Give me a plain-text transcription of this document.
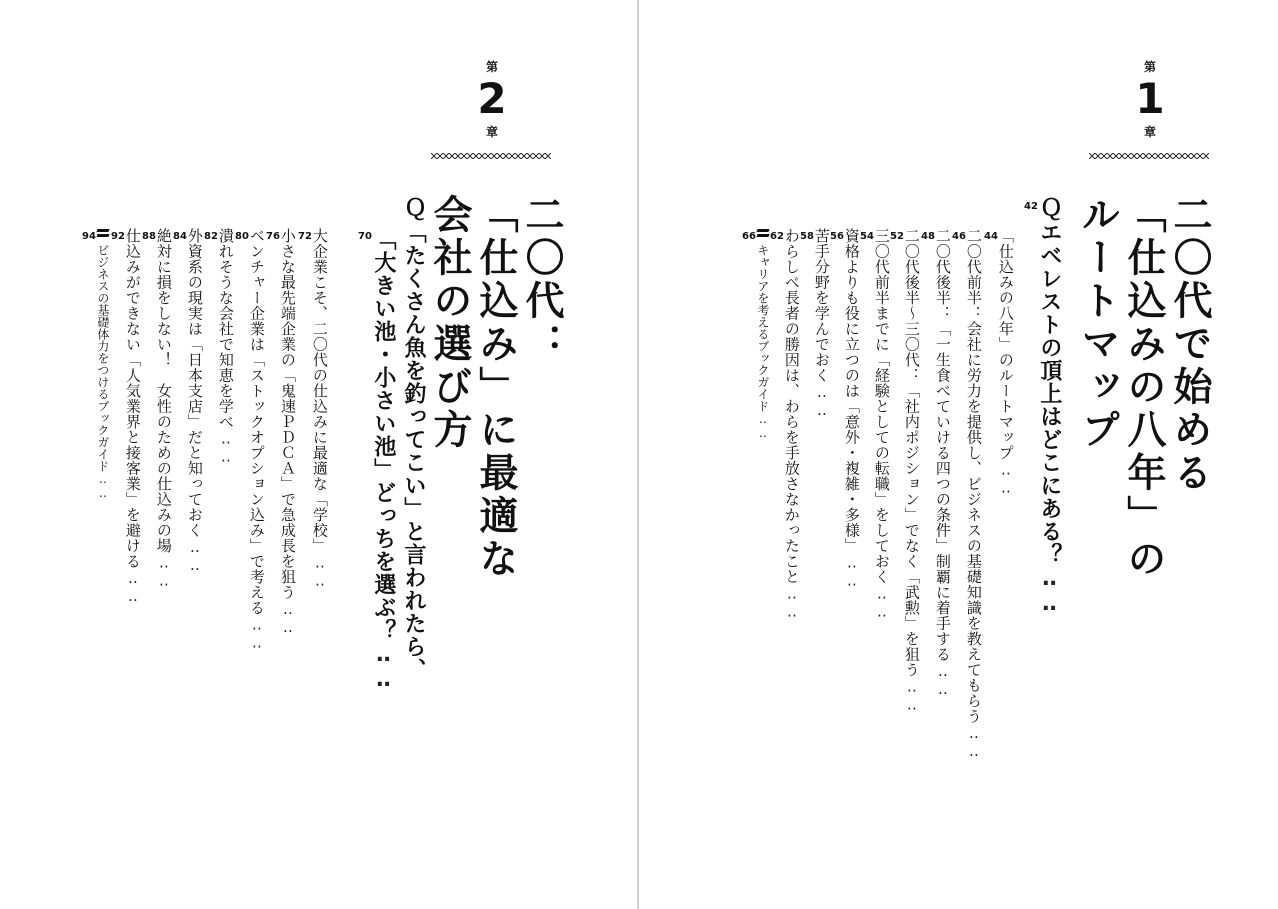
第
2
章
二〇代：
「仕込み」に最適な
会社の選び方
Ｑ「たくさん魚を釣ってこい」と言われたら、
「大きい池・小さい池」どっちを選ぶ？‥‥
70
大企業こそ、二〇代の仕込みに最適な「学校」‥‥
72
小さな最先端企業の「鬼速ＰＤＣＡ」で急成長を狙う‥‥
76
ベンチャー企業は「ストックオプション込み」で考える‥‥
80
潰れそうな会社で知恵を学べ‥‥
82
外資系の現実は「日本支店」だと知っておく‥‥
84
絶対に損をしない！　女性のための仕込みの場‥‥
88
仕込みができない「人気業界と接客業」を避ける‥‥
92
ビジネスの基礎体力をつけるブックガイド‥‥
94
第
1
章
二〇代で始める
「仕込みの八年」の
ルートマップ
Ｑエベレストの頂上はどこにある？‥‥
42
「仕込みの八年」のルートマップ‥‥
44
二〇代前半：会社に労力を提供し、ビジネスの基礎知識を教えてもらう‥‥
46
二〇代後半：「一生食べていける四つの条件」制覇に着手する‥‥
48
二〇代後半〜三〇代：「社内ポジション」でなく「武勲」を狙う‥‥
52
三〇代前半までに「経験としての転職」をしておく‥‥
54
資格よりも役に立つのは「意外・複雑・多様」‥‥
56
苦手分野を学んでおく‥‥
58
わらしべ長者の勝因は、わらを手放さなかったこと‥‥
62
キャリアを考えるブックガイド‥‥
66
